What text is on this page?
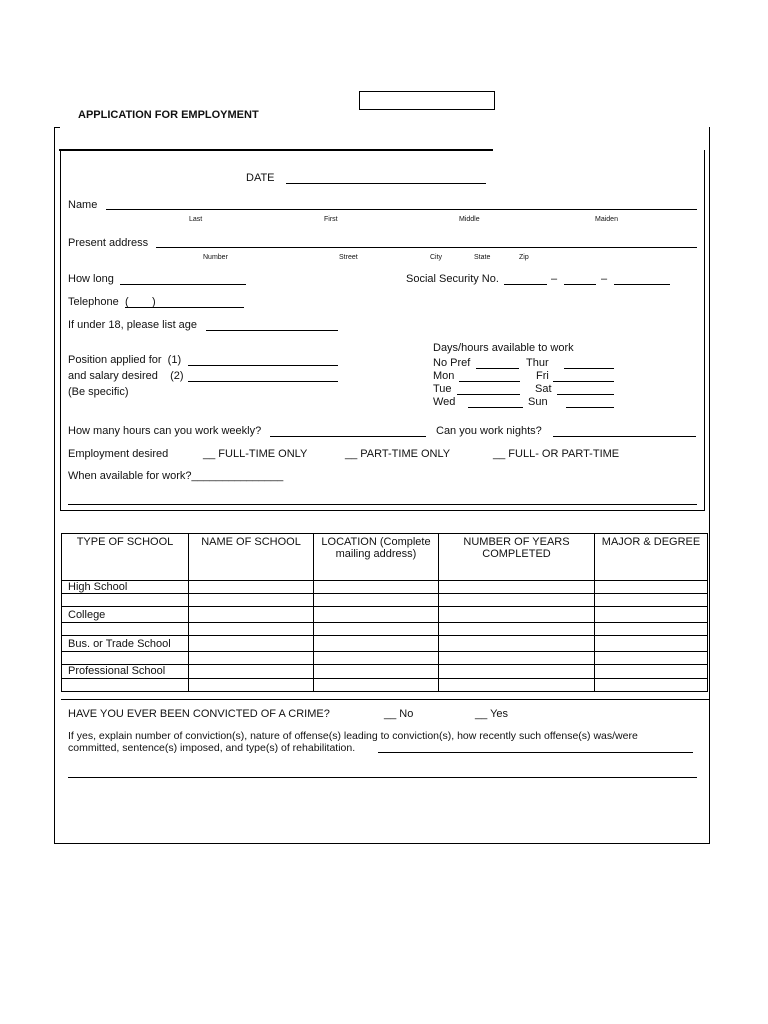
APPLICATION FOR EMPLOYMENT
DATE
Name
Last	First	Middle	Maiden
Present address
Number	Street	City	State	Zip
How long	Social Security No.	–	–
Telephone ( )
If under 18, please list age
Days/hours available to work
No Pref	Thur
Mon	Fri
Tue	Sat
Wed	Sun
Position applied for  (1)
and salary desired    (2)
(Be specific)
How many hours can you work weekly?	Can you work nights?
Employment desired	__ FULL-TIME ONLY	__ PART-TIME ONLY	__ FULL- OR PART-TIME
When available for work?_______________
TYPE OF SCHOOL	NAME OF SCHOOL	LOCATION (Complete mailing address)	NUMBER OF YEARS COMPLETED	MAJOR & DEGREE
High School				

College				

Bus. or Trade School				

Professional School				

HAVE YOU EVER BEEN CONVICTED OF A CRIME?	__ No	__ Yes
If yes, explain number of conviction(s), nature of offense(s) leading to conviction(s), how recently such offense(s) was/were
committed, sentence(s) imposed, and type(s) of rehabilitation.
